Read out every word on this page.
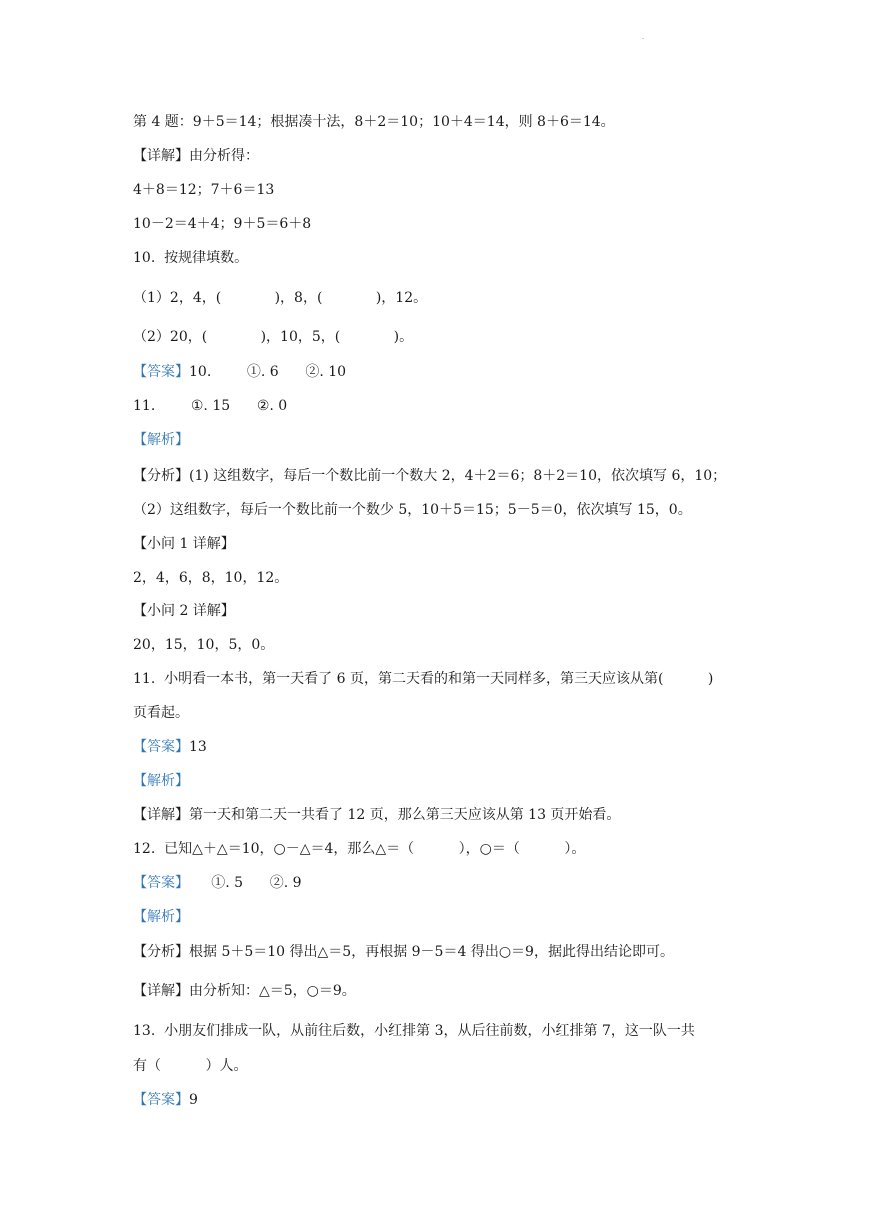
·
第 4 题：9＋5＝14；根据凑十法，8＋2＝10；10＋4＝14，则 8＋6＝14。
【详解】由分析得：
4＋8＝12；7＋6＝13
10－2＝4＋4；9＋5＝6＋8
10.  按规律填数。
（1）2，4，(            )，8，(            )，12。
（2）20，(            )，10，5，(            )。
【答案】10.        ①. 6      ②. 10
11.        ①. 15      ②. 0
【解析】
【分析】(1) 这组数字，每后一个数比前一个数大 2，4＋2＝6；8＋2＝10，依次填写 6，10；
（2）这组数字，每后一个数比前一个数少 5，10＋5＝15；5－5＝0，依次填写 15，0。
【小问 1 详解】
2，4，6，8，10，12。
【小问 2 详解】
20，15，10，5，0。
11.  小明看一本书，第一天看了 6 页，第二天看的和第一天同样多，第三天应该从第(          )
页看起。
【答案】13
【解析】
【详解】第一天和第二天一共看了 12 页，那么第三天应该从第 13 页开始看。
12.  已知△＋△＝10，○－△＝4，那么△＝（          ），○＝（          ）。
【答案】     ①. 5      ②. 9
【解析】
【分析】根据 5＋5＝10 得出△＝5，再根据 9－5＝4 得出○＝9，据此得出结论即可。
【详解】由分析知：△＝5，○＝9。
13.  小朋友们排成一队，从前往后数，小红排第 3，从后往前数，小红排第 7，这一队一共
有（          ）人。
【答案】9
